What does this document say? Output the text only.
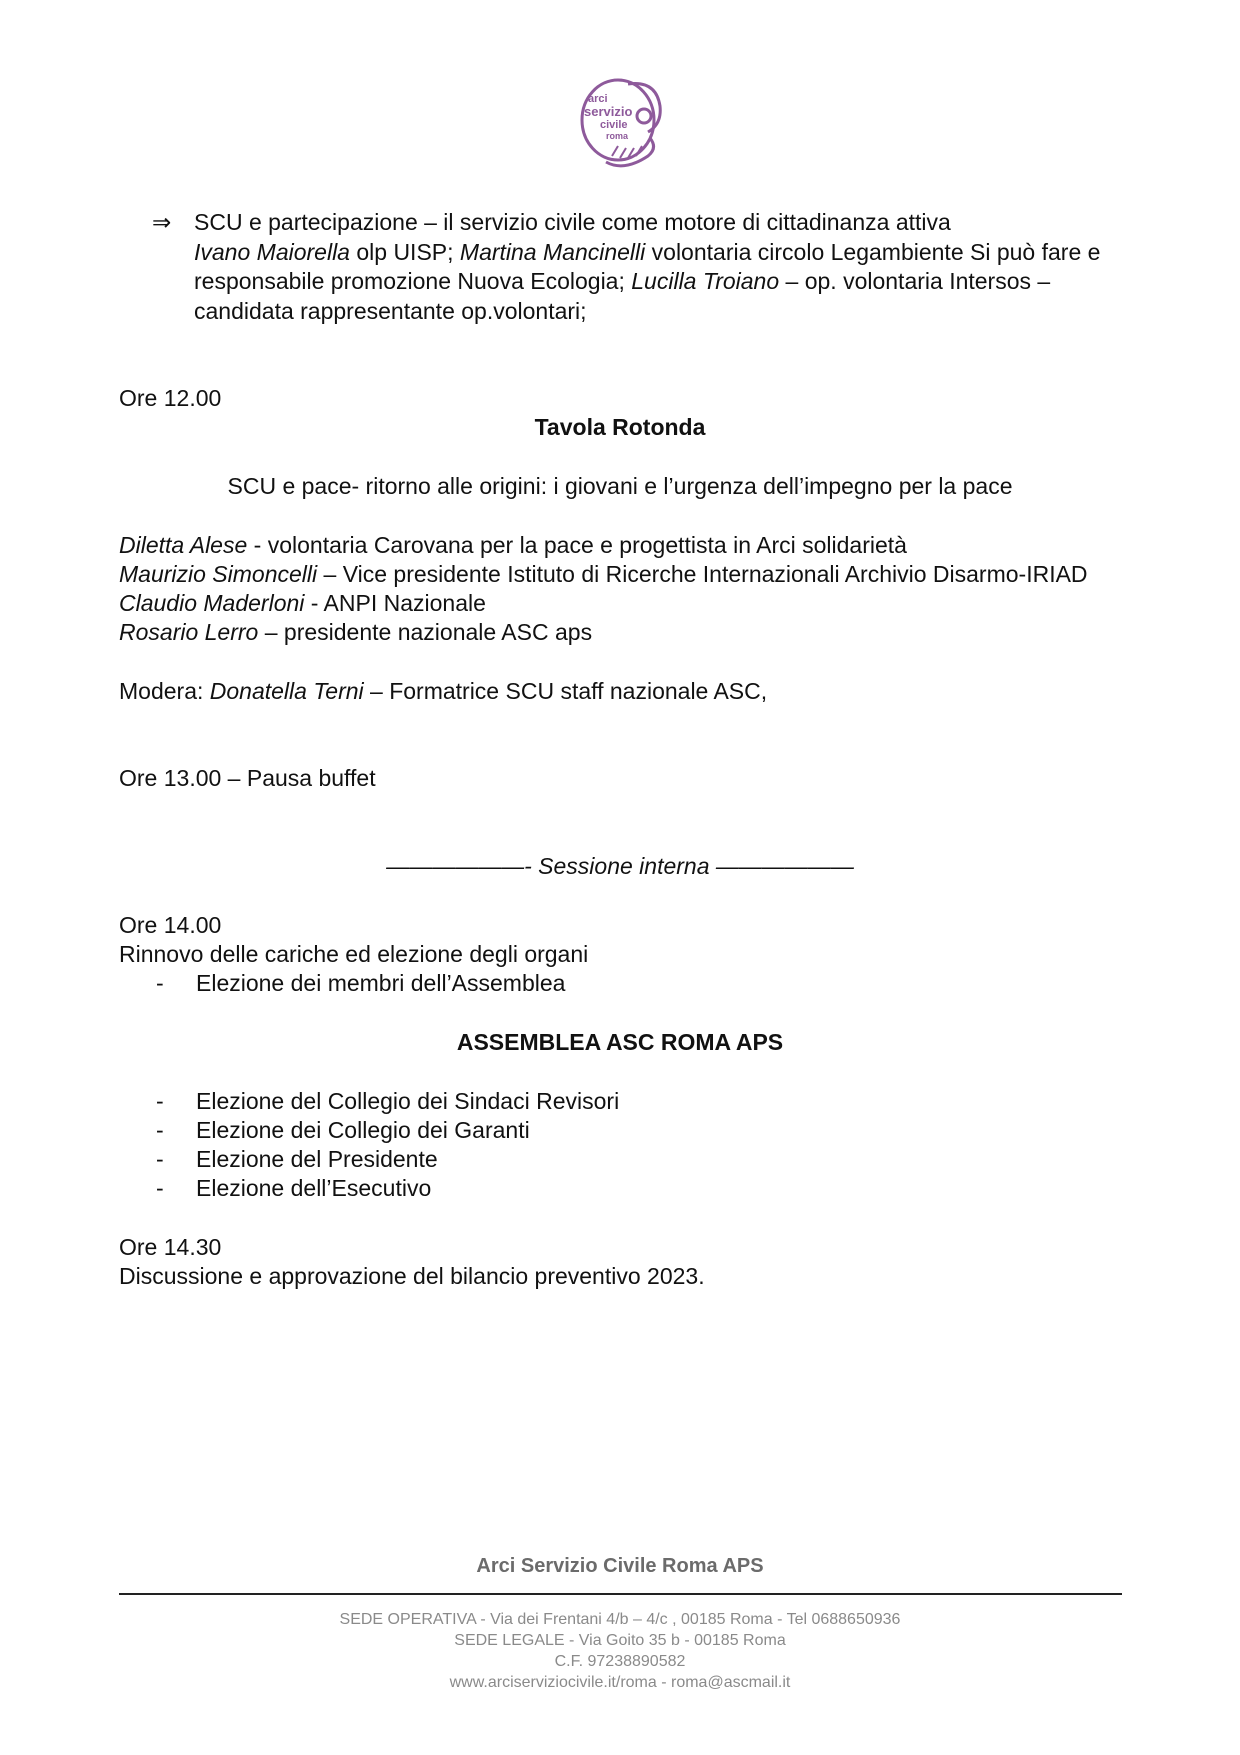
arci
servizio
civile
roma
⇒ SCU e partecipazione – il servizio civile come motore di cittadinanza attiva
Ivano Maiorella olp UISP; Martina Mancinelli volontaria circolo Legambiente Si può fare e
responsabile promozione Nuova Ecologia; Lucilla Troiano – op. volontaria Intersos –
candidata rappresentante op.volontari;
Ore 12.00
Tavola Rotonda
SCU e pace- ritorno alle origini: i giovani e l’urgenza dell’impegno per la pace
Diletta Alese - volontaria Carovana per la pace e progettista in Arci solidarietà
Maurizio Simoncelli – Vice presidente Istituto di Ricerche Internazionali Archivio Disarmo-IRIAD
Claudio Maderloni - ANPI Nazionale
Rosario Lerro – presidente nazionale ASC aps
Modera: Donatella Terni – Formatrice SCU staff nazionale ASC,
Ore 13.00 – Pausa buffet
——————- Sessione interna ——————
Ore 14.00
Rinnovo delle cariche ed elezione degli organi
- Elezione dei membri dell’Assemblea
ASSEMBLEA ASC ROMA APS
- Elezione del Collegio dei Sindaci Revisori
- Elezione dei Collegio dei Garanti
- Elezione del Presidente
- Elezione dell’Esecutivo
Ore 14.30
Discussione e approvazione del bilancio preventivo 2023.
Arci Servizio Civile Roma APS
SEDE OPERATIVA - Via dei Frentani 4/b – 4/c , 00185 Roma - Tel 0688650936
SEDE LEGALE - Via Goito 35 b - 00185 Roma
C.F. 97238890582
www.arciserviziocivile.it/roma - roma@ascmail.it
